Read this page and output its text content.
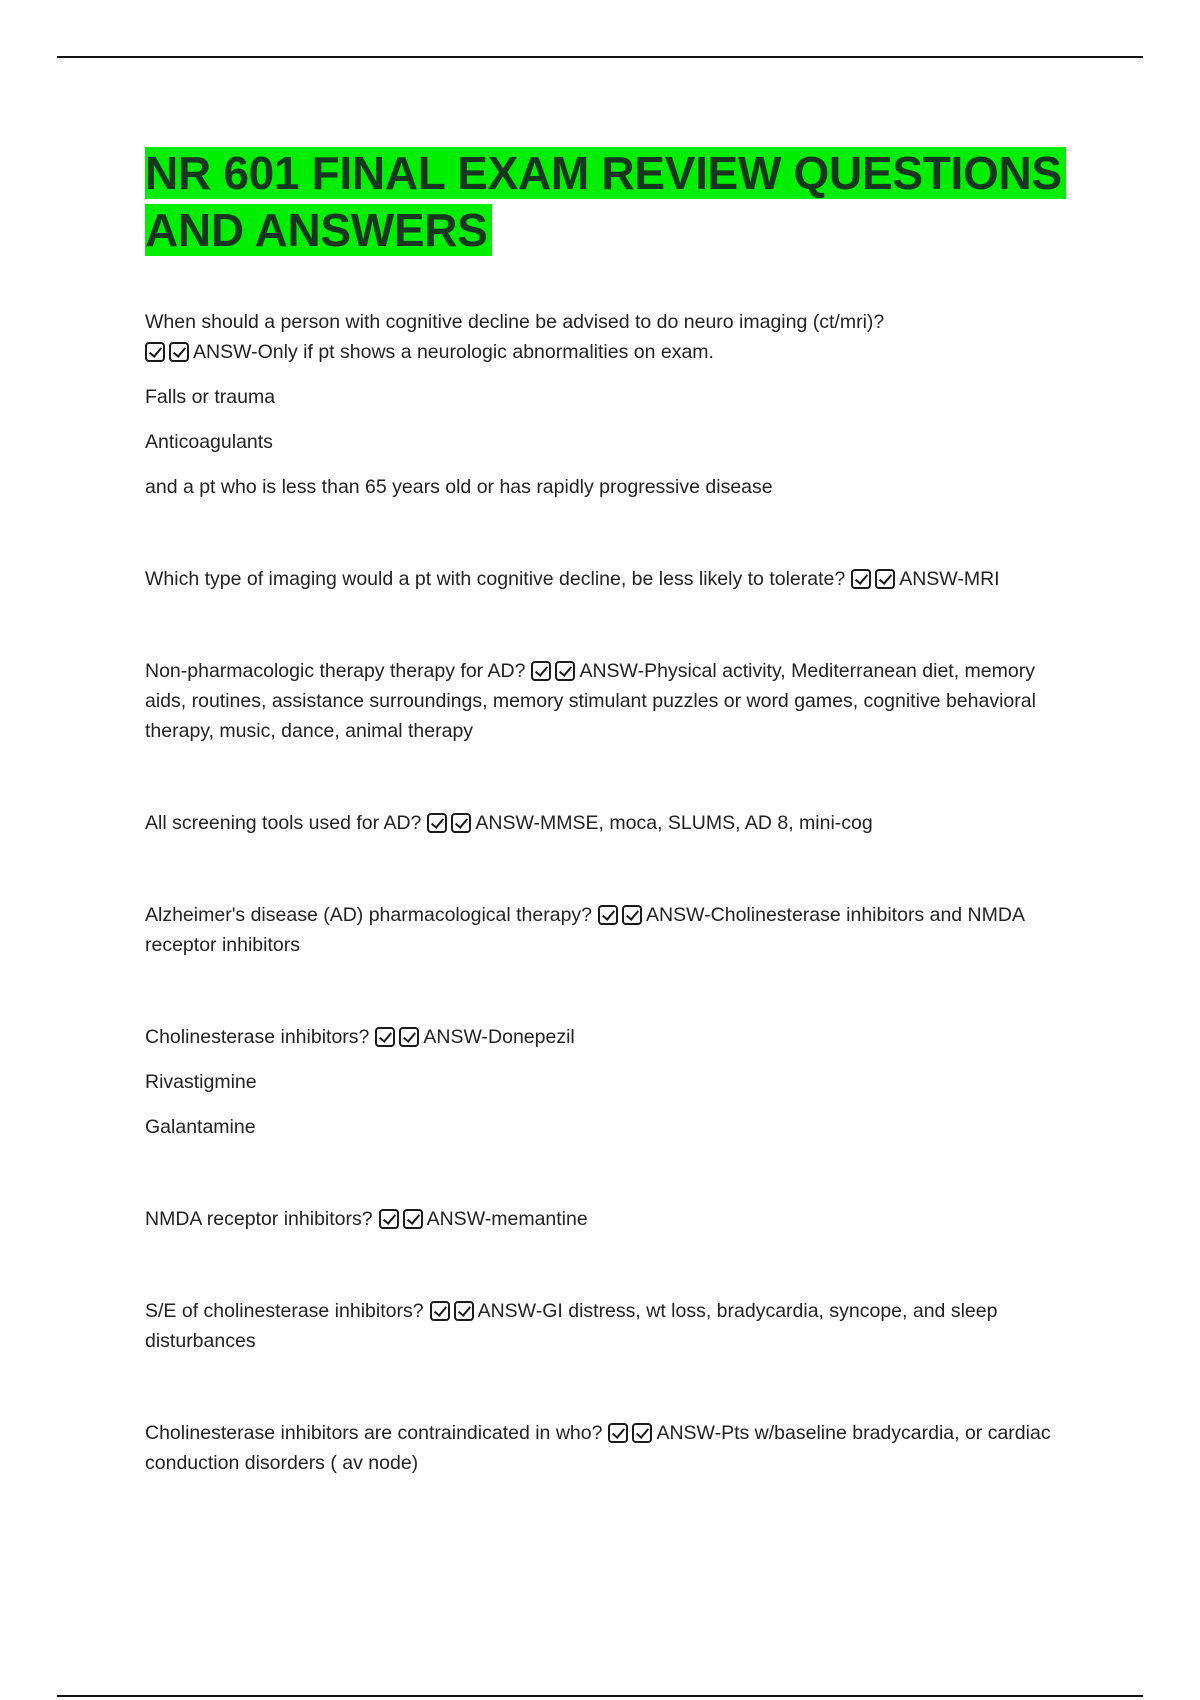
NR 601 FINAL EXAM REVIEW QUESTIONS AND ANSWERS

When should a person with cognitive decline be advised to do neuro imaging (ct/mri)?
ANSW-Only if pt shows a neurologic abnormalities on exam.

Falls or trauma

Anticoagulants

and a pt who is less than 65 years old or has rapidly progressive disease

Which type of imaging would a pt with cognitive decline, be less likely to tolerate?	ANSW-MRI

Non-pharmacologic therapy therapy for AD?	ANSW-Physical activity, Mediterranean diet, memory aids, routines, assistance surroundings, memory stimulant puzzles or word games, cognitive behavioral therapy, music, dance, animal therapy

All screening tools used for AD?	ANSW-MMSE, moca, SLUMS, AD 8, mini-cog

Alzheimer's disease (AD) pharmacological therapy?	ANSW-Cholinesterase inhibitors and NMDA receptor inhibitors

Cholinesterase inhibitors?	ANSW-Donepezil

Rivastigmine

Galantamine

NMDA receptor inhibitors?	ANSW-memantine

S/E of cholinesterase inhibitors?	ANSW-GI distress, wt loss, bradycardia, syncope, and sleep disturbances

Cholinesterase inhibitors are contraindicated in who?	ANSW-Pts w/baseline bradycardia, or cardiac conduction disorders ( av node)
